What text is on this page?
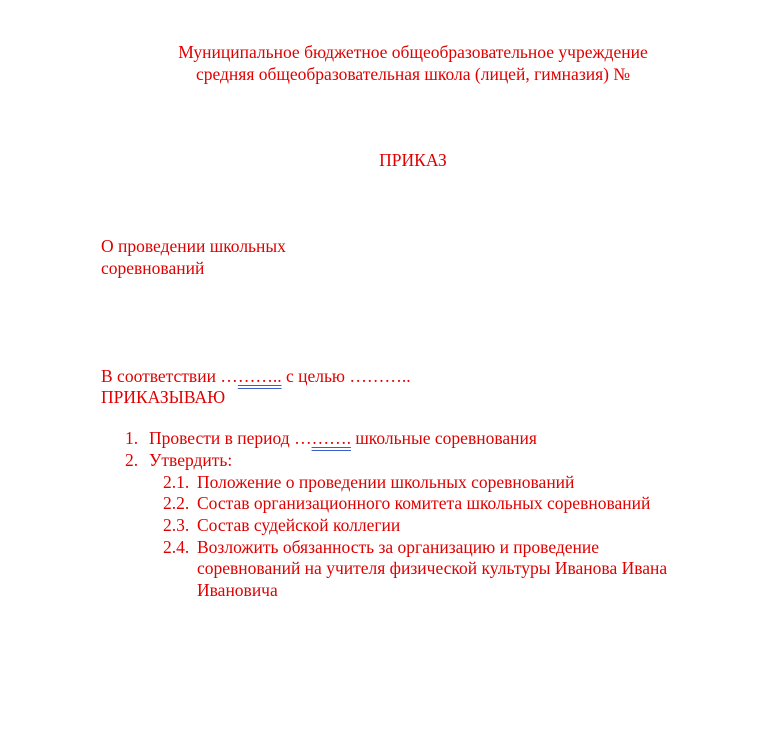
Муниципальное бюджетное общеобразовательное учреждение
средняя общеобразовательная школа (лицей, гимназия) №
ПРИКАЗ
О проведении школьных
соревнований
В соответствии ……….. с целью ………..
ПРИКАЗЫВАЮ
1. Провести в период ………. школьные соревнования
2. Утвердить:
2.1. Положение о проведении школьных соревнований
2.2. Состав организационного комитета школьных соревнований
2.3. Состав судейской коллегии
2.4. Возложить обязанность за организацию и проведение
соревнований на учителя физической культуры Иванова Ивана
Ивановича
